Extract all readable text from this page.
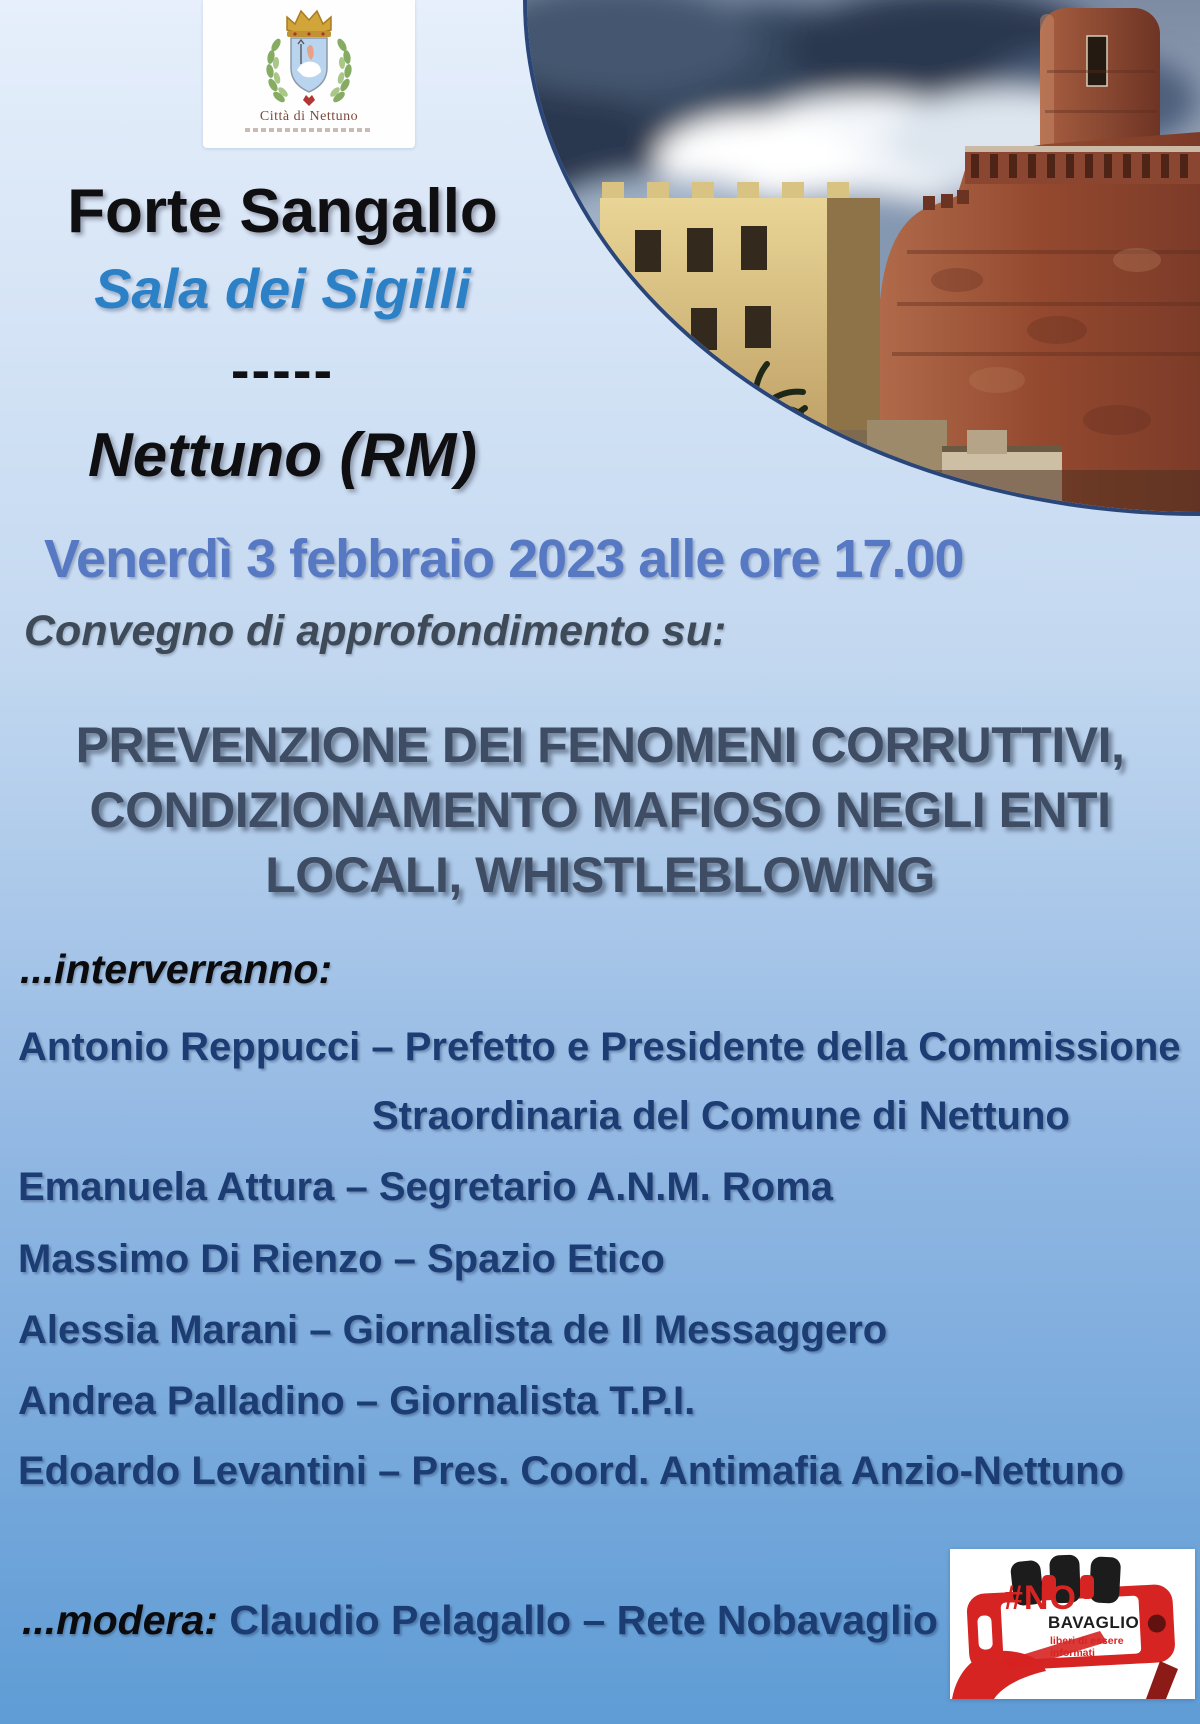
Città di Nettuno
Forte Sangallo
Sala dei Sigilli
-----
Nettuno (RM)
Venerdì 3 febbraio 2023 alle ore 17.00
Convegno di approfondimento su:
PREVENZIONE DEI FENOMENI CORRUTTIVI,
CONDIZIONAMENTO MAFIOSO NEGLI ENTI
LOCALI, WHISTLEBLOWING
...interverranno:
Antonio Reppucci – Prefetto e Presidente della Commissione
Straordinaria del Comune di Nettuno
Emanuela Attura – Segretario A.N.M. Roma
Massimo Di Rienzo – Spazio Etico
Alessia Marani – Giornalista de Il Messaggero
Andrea Palladino – Giornalista T.P.I.
Edoardo Levantini – Pres. Coord. Antimafia Anzio-Nettuno
...modera: Claudio Pelagallo – Rete Nobavaglio #NO
BAVAGLIO
liberi di essere informati
